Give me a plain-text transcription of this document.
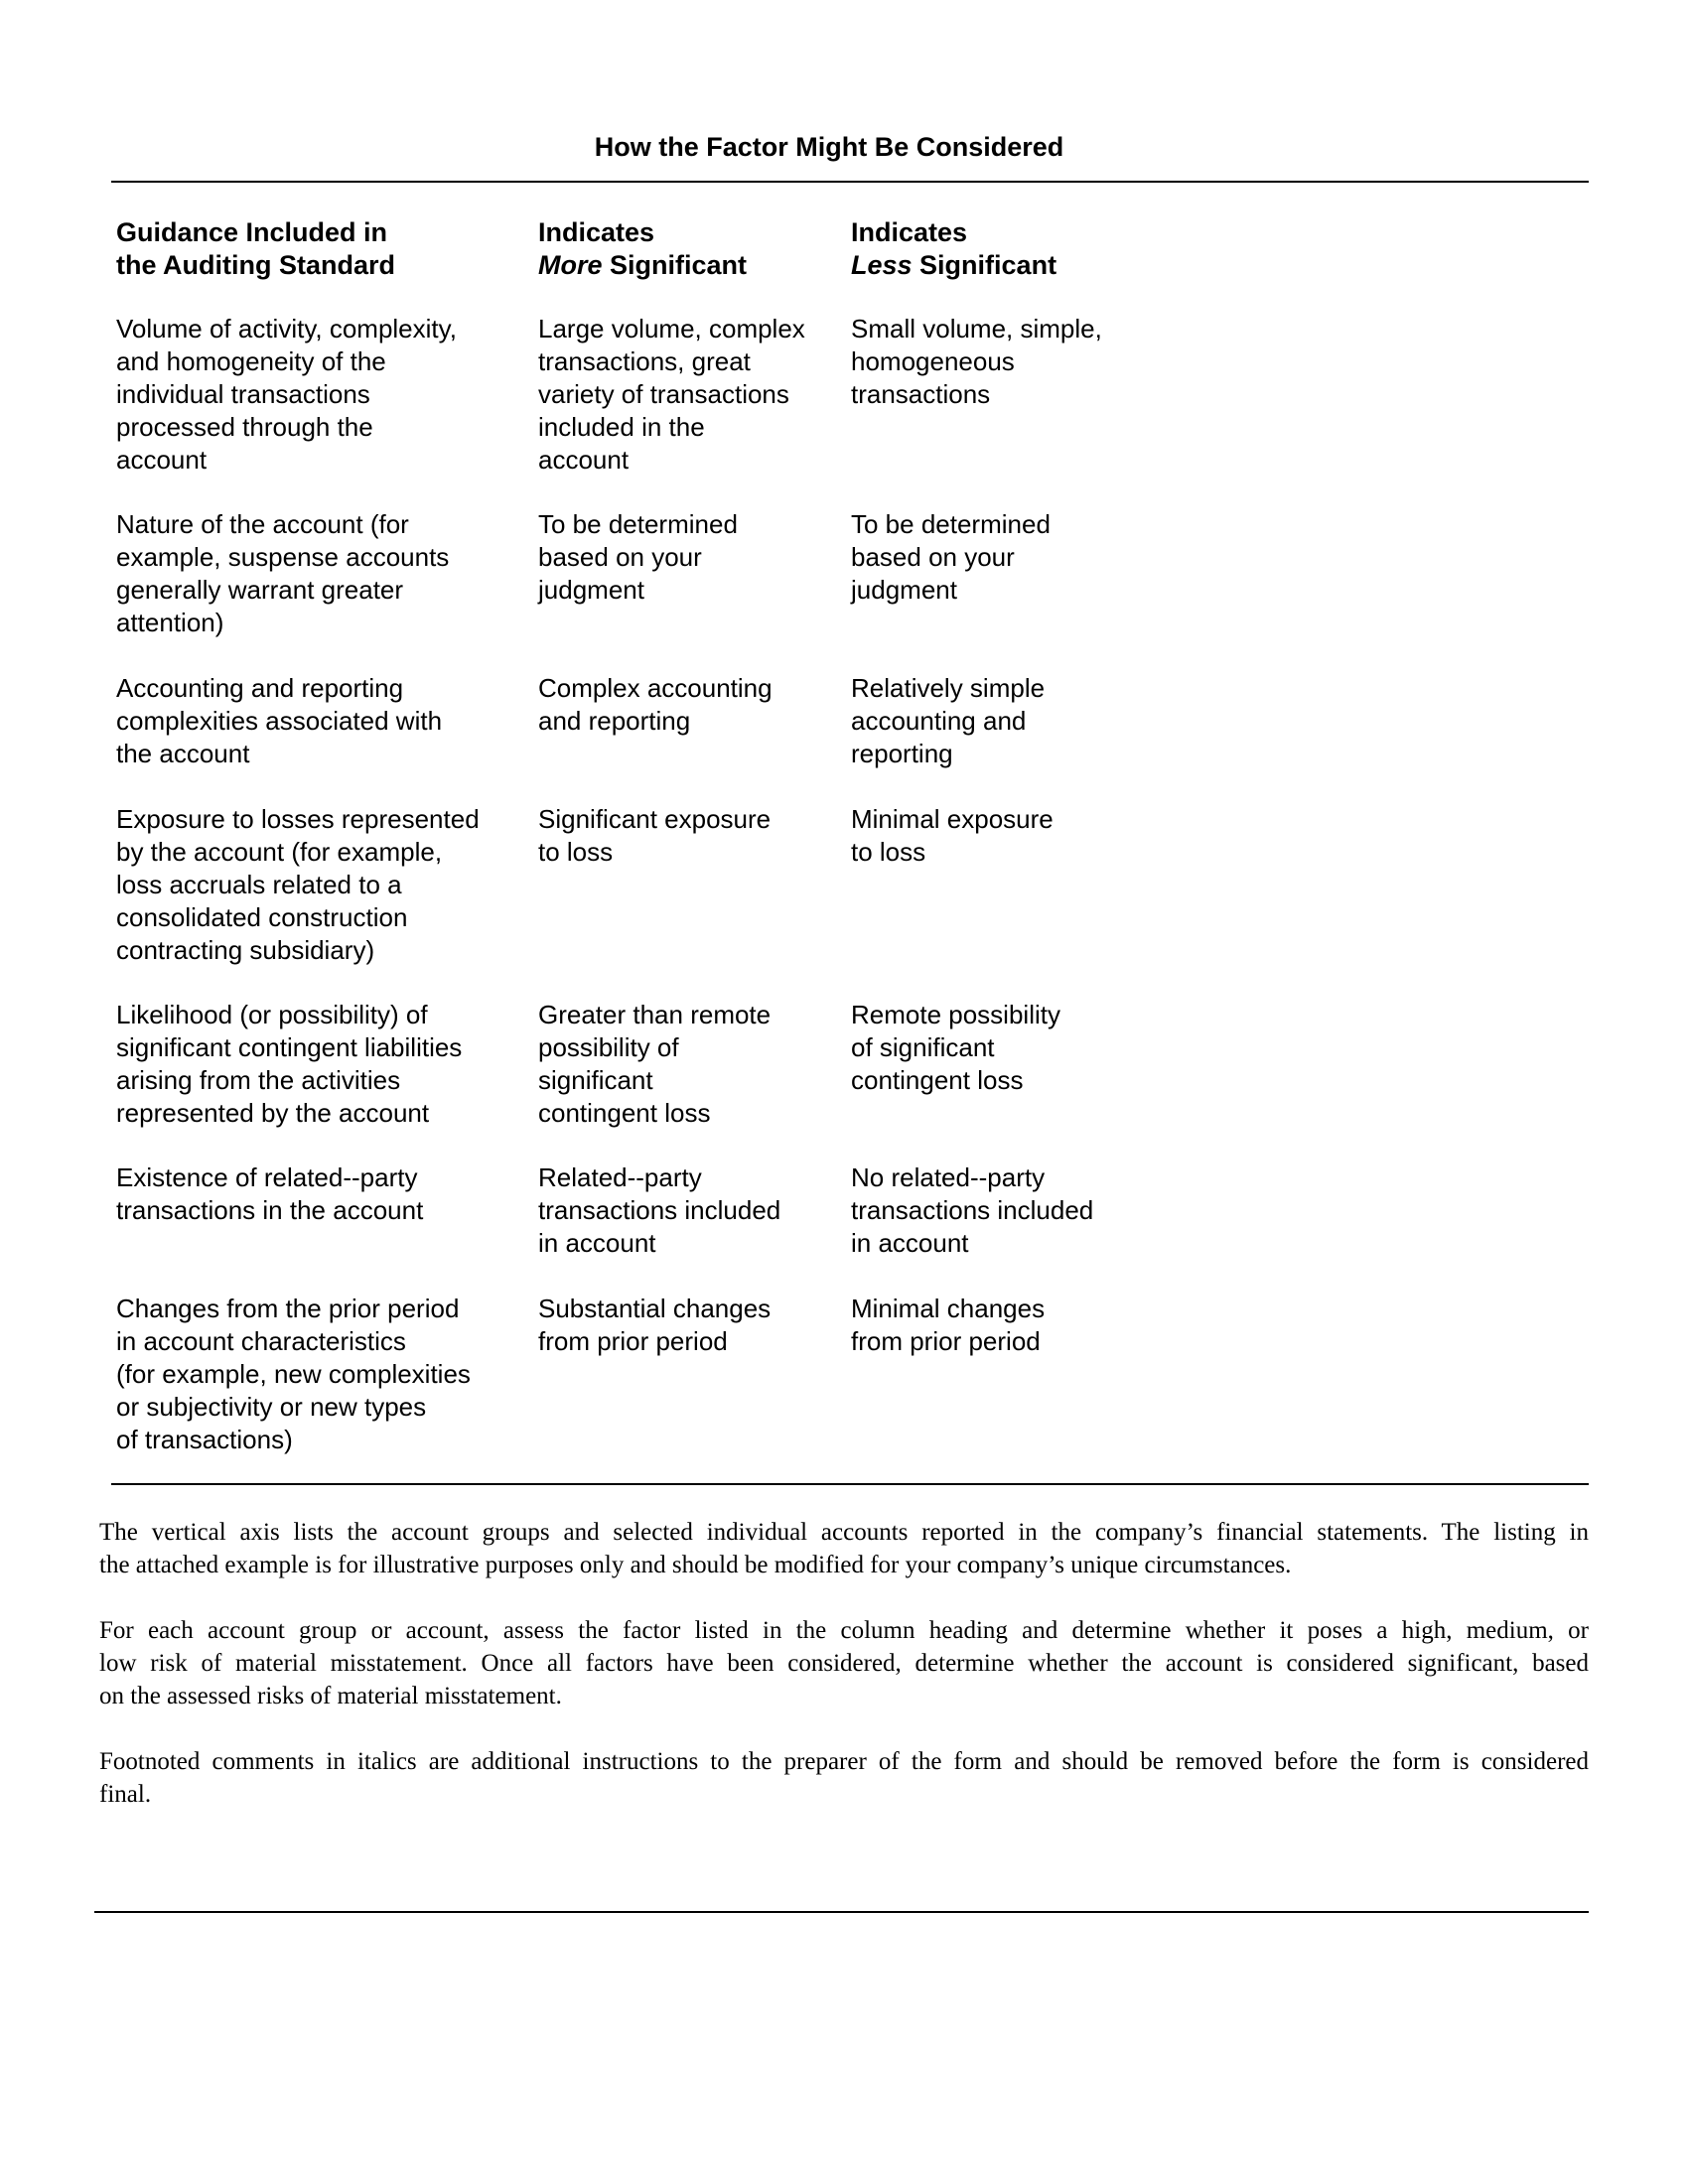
How the Factor Might Be Considered
Guidance Included in
the Auditing Standard
Indicates
More Significant
Indicates
Less Significant
Volume of activity, complexity,
and homogeneity of the
individual transactions
processed through the
account
Large volume, complex
transactions, great
variety of transactions
included in the
account
Small volume, simple,
homogeneous
transactions
Nature of the account (for
example, suspense accounts
generally warrant greater
attention)
To be determined
based on your
judgment
To be determined
based on your
judgment
Accounting and reporting
complexities associated with
the account
Complex accounting
and reporting
Relatively simple
accounting and
reporting
Exposure to losses represented
by the account (for example,
loss accruals related to a
consolidated construction
contracting subsidiary)
Significant exposure
to loss
Minimal exposure
to loss
Likelihood (or possibility) of
significant contingent liabilities
arising from the activities
represented by the account
Greater than remote
possibility of
significant
contingent loss
Remote possibility
of significant
contingent loss
Existence of related--party
transactions in the account
Related--party
transactions included
in account
No related--party
transactions included
in account
Changes from the prior period
in account characteristics
(for example, new complexities
or subjectivity or new types
of transactions)
Substantial changes
from prior period
Minimal changes
from prior period

The vertical axis lists the account groups and selected individual accounts reported in the company’s financial statements. The listing in
the attached example is for illustrative purposes only and should be modified for your company’s unique circumstances.

For each account group or account, assess the factor listed in the column heading and determine whether it poses a high, medium, or
low risk of material misstatement. Once all factors have been considered, determine whether the account is considered significant, based
on the assessed risks of material misstatement.

Footnoted comments in italics are additional instructions to the preparer of the form and should be removed before the form is considered
final.
